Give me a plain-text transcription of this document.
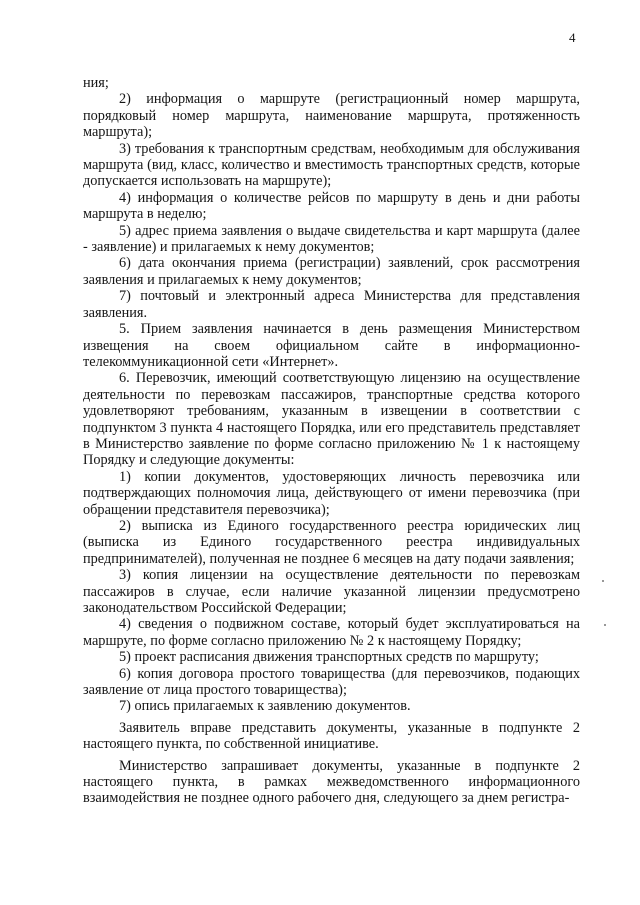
4

ния;

2) информация о маршруте (регистрационный номер маршрута, порядковый номер маршрута, наименование маршрута, протяженность маршрута);

3) требования к транспортным средствам, необходимым для обслуживания маршрута (вид, класс, количество и вместимость транспортных средств, которые допускается использовать на маршруте);

4) информация о количестве рейсов по маршруту в день и дни работы маршрута в неделю;

5) адрес приема заявления о выдаче свидетельства и карт маршрута (далее - заявление) и прилагаемых к нему документов;

6) дата окончания приема (регистрации) заявлений, срок рассмотрения заявления и прилагаемых к нему документов;

7) почтовый и электронный адреса Министерства для представления заявления.

5. Прием заявления начинается в день размещения Министерством извещения на своем официальном сайте в информационно-телекоммуникационной сети «Интернет».

6. Перевозчик, имеющий соответствующую лицензию на осуществление деятельности по перевозкам пассажиров, транспортные средства которого удовлетворяют требованиям, указанным в извещении в соответствии с подпунктом 3 пункта 4 настоящего Порядка, или его представитель представляет в Министерство заявление по форме согласно приложению № 1 к настоящему Порядку и следующие документы:

1) копии документов, удостоверяющих личность перевозчика или подтверждающих полномочия лица, действующего от имени перевозчика (при обращении представителя перевозчика);

2) выписка из Единого государственного реестра юридических лиц (выписка из Единого государственного реестра индивидуальных предпринимателей), полученная не позднее 6 месяцев на дату подачи заявления;

3) копия лицензии на осуществление деятельности по перевозкам пассажиров в случае, если наличие указанной лицензии предусмотрено законодательством Российской Федерации;

4) сведения о подвижном составе, который будет эксплуатироваться на маршруте, по форме согласно приложению № 2 к настоящему Порядку;

5) проект расписания движения транспортных средств по маршруту;

6) копия договора простого товарищества (для перевозчиков, подающих заявление от лица простого товарищества);

7) опись прилагаемых к заявлению документов.

Заявитель вправе представить документы, указанные в подпункте 2 настоящего пункта, по собственной инициативе.

Министерство запрашивает документы, указанные в подпункте 2 настоящего пункта, в рамках межведомственного информационного взаимодействия не позднее одного рабочего дня, следующего за днем регистра-
